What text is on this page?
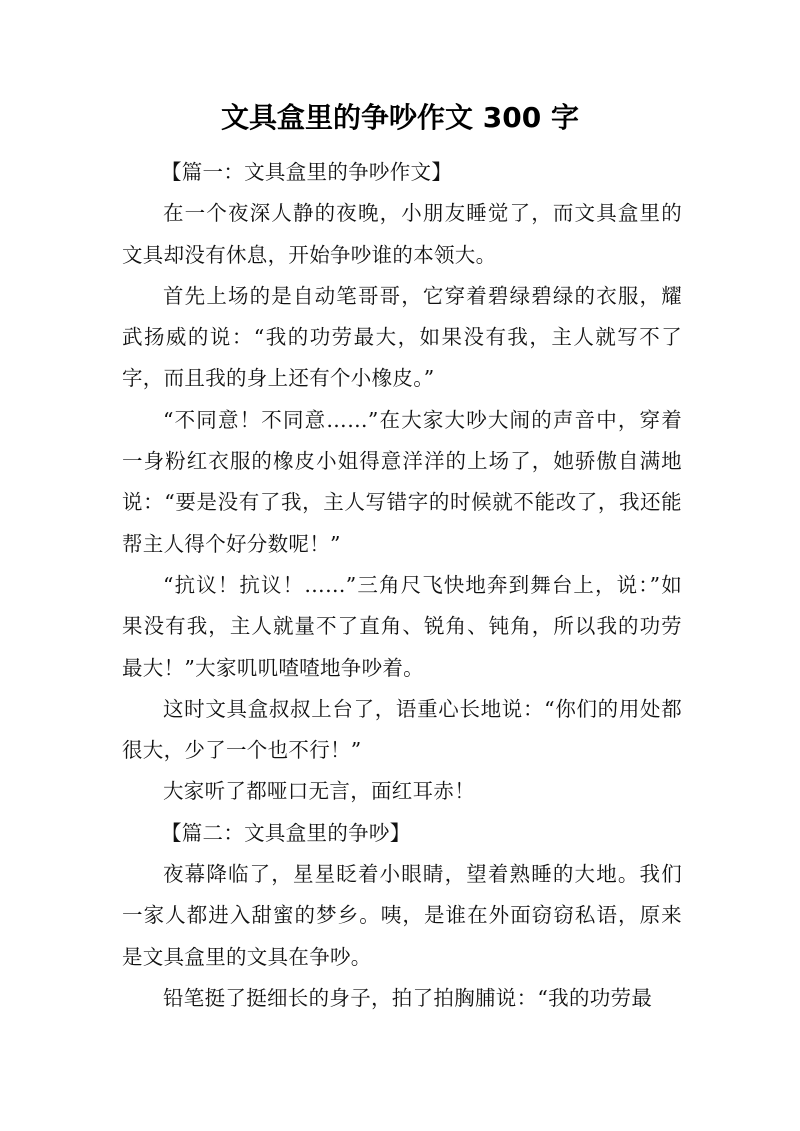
文具盒里的争吵作文 300 字

【篇一：文具盒里的争吵作文】

在一个夜深人静的夜晚，小朋友睡觉了，而文具盒里的文具却没有休息，开始争吵谁的本领大。

首先上场的是自动笔哥哥，它穿着碧绿碧绿的衣服，耀武扬威的说：“我的功劳最大，如果没有我，主人就写不了字，而且我的身上还有个小橡皮。”

“不同意！不同意……”在大家大吵大闹的声音中，穿着一身粉红衣服的橡皮小姐得意洋洋的上场了，她骄傲自满地说：“要是没有了我，主人写错字的时候就不能改了，我还能帮主人得个好分数呢！”

“抗议！抗议！……”三角尺飞快地奔到舞台上，说：”如果没有我，主人就量不了直角、锐角、钝角，所以我的功劳最大！”大家叽叽喳喳地争吵着。

这时文具盒叔叔上台了，语重心长地说：“你们的用处都很大，少了一个也不行！”

大家听了都哑口无言，面红耳赤！

【篇二：文具盒里的争吵】

夜幕降临了，星星眨着小眼睛，望着熟睡的大地。我们一家人都进入甜蜜的梦乡。咦，是谁在外面窃窃私语，原来是文具盒里的文具在争吵。

铅笔挺了挺细长的身子，拍了拍胸脯说：“我的功劳最
